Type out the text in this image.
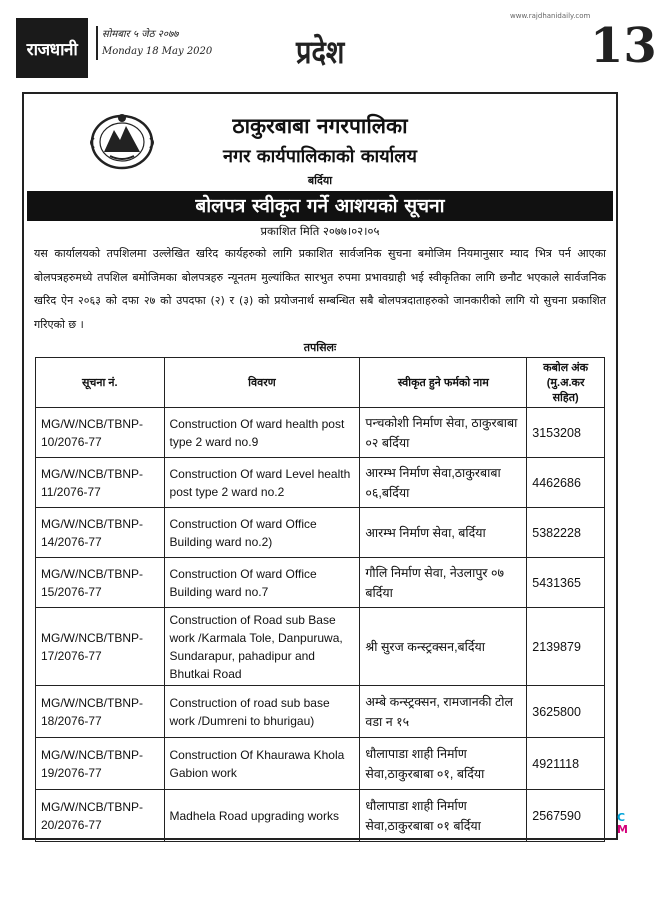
राजधानी
सोमबार ५ जेठ २०७७
Monday 18 May 2020	प्रदेश
www.rajdhanidaily.com
13
ठाकुरबाबा नगरपालिका
नगर कार्यपालिकाको कार्यालय
बर्दिया
बोलपत्र स्वीकृत गर्ने आशयको सूचना
प्रकाशित मिति २०७७।०२।०५
यस कार्यालयको तपशिलमा उल्लेखित खरिद कार्यहरुको लागि प्रकाशित सार्वजनिक सुचना बमोजिम नियमानुसार म्याद भित्र पर्न आएका बोलपत्रहरुमध्ये तपशिल बमोजिमका बोलपत्रहरु न्यूनतम मुल्यांकित सारभुत रुपमा प्रभावग्राही भई स्वीकृतिका लागि छनौट भएकाले सार्वजनिक खरिद ऐन २०६३ को दफा २७ को उपदफा (२) र (३) को प्रयोजनार्थ सम्बन्धित सबै बोलपत्रदाताहरुको जानकारीको लागि यो सुचना प्रकाशित गरिएको छ ।
तपसिलः
सूचना नं.	विवरण	स्वीकृत हुने फर्मको नाम	कबोल अंक (मु.अ.कर सहित)
MG/W/NCB/TBNP-10/2076-77	Construction Of ward health post type 2 ward no.9	पन्चकोशी निर्माण सेवा, ठाकुरबाबा ०२ बर्दिया	3153208
MG/W/NCB/TBNP-11/2076-77	Construction Of ward Level health post type 2 ward no.2	आरम्भ निर्माण सेवा,ठाकुरबाबा ०६,बर्दिया	4462686
MG/W/NCB/TBNP-14/2076-77	Construction Of ward Office Building ward no.2)	आरम्भ निर्माण सेवा, बर्दिया	5382228
MG/W/NCB/TBNP-15/2076-77	Construction Of ward Office Building ward no.7	गौलि निर्माण सेवा, नेउलापुर ०७ बर्दिया	5431365
MG/W/NCB/TBNP-17/2076-77	Construction of Road sub Base work /Karmala Tole, Danpuruwa, Sundarapur, pahadipur and Bhutkai Road	श्री सुरज कन्स्ट्रक्सन,बर्दिया	2139879
MG/W/NCB/TBNP-18/2076-77	Construction of road sub base work /Dumreni to bhurigau)	अम्बे कन्स्ट्रक्सन, रामजानकी टोल वडा न १५	3625800
MG/W/NCB/TBNP-19/2076-77	Construction Of Khaurawa Khola Gabion work	धौलापाडा शाही निर्माण सेवा,ठाकुरबाबा ०१, बर्दिया	4921118
MG/W/NCB/TBNP-20/2076-77	Madhela Road upgrading works	धौलापाडा शाही निर्माण सेवा,ठाकुरबाबा ०१ बर्दिया	2567590	C
M
